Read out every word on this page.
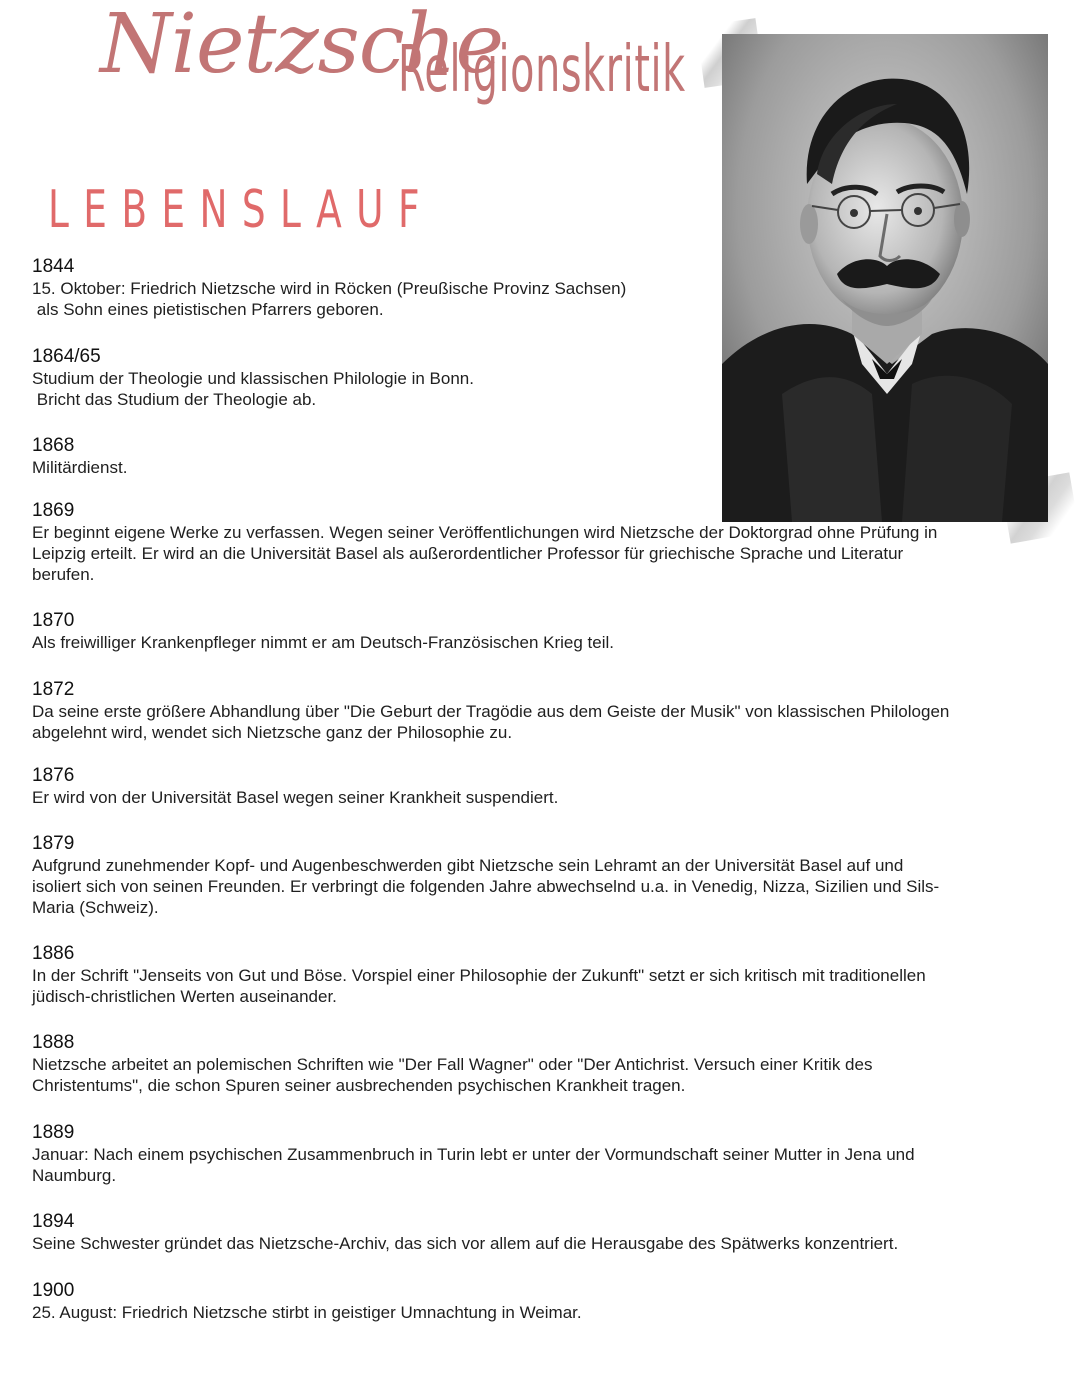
Nietzsche
Religionskritik
LEBENSLAUF
1844
15. Oktober: Friedrich Nietzsche wird in Röcken (Preußische Provinz Sachsen)
als Sohn eines pietistischen Pfarrers geboren.
1864/65
Studium der Theologie und klassischen Philologie in Bonn.
Bricht das Studium der Theologie ab.
1868
Militärdienst.
1869
Er beginnt eigene Werke zu verfassen. Wegen seiner Veröffentlichungen wird Nietzsche der Doktorgrad ohne Prüfung in
Leipzig erteilt. Er wird an die Universität Basel als außerordentlicher Professor für griechische Sprache und Literatur
berufen.
1870
Als freiwilliger Krankenpfleger nimmt er am Deutsch-Französischen Krieg teil.
1872
Da seine erste größere Abhandlung über "Die Geburt der Tragödie aus dem Geiste der Musik" von klassischen Philologen
abgelehnt wird, wendet sich Nietzsche ganz der Philosophie zu.
1876
Er wird von der Universität Basel wegen seiner Krankheit suspendiert.
1879
Aufgrund zunehmender Kopf- und Augenbeschwerden gibt Nietzsche sein Lehramt an der Universität Basel auf und
isoliert sich von seinen Freunden. Er verbringt die folgenden Jahre abwechselnd u.a. in Venedig, Nizza, Sizilien und Sils-
Maria (Schweiz).
1886
In der Schrift "Jenseits von Gut und Böse. Vorspiel einer Philosophie der Zukunft" setzt er sich kritisch mit traditionellen
jüdisch-christlichen Werten auseinander.
1888
Nietzsche arbeitet an polemischen Schriften wie "Der Fall Wagner" oder "Der Antichrist. Versuch einer Kritik des
Christentums", die schon Spuren seiner ausbrechenden psychischen Krankheit tragen.
1889
Januar: Nach einem psychischen Zusammenbruch in Turin lebt er unter der Vormundschaft seiner Mutter in Jena und
Naumburg.
1894
Seine Schwester gründet das Nietzsche-Archiv, das sich vor allem auf die Herausgabe des Spätwerks konzentriert.
1900
25. August: Friedrich Nietzsche stirbt in geistiger Umnachtung in Weimar.
